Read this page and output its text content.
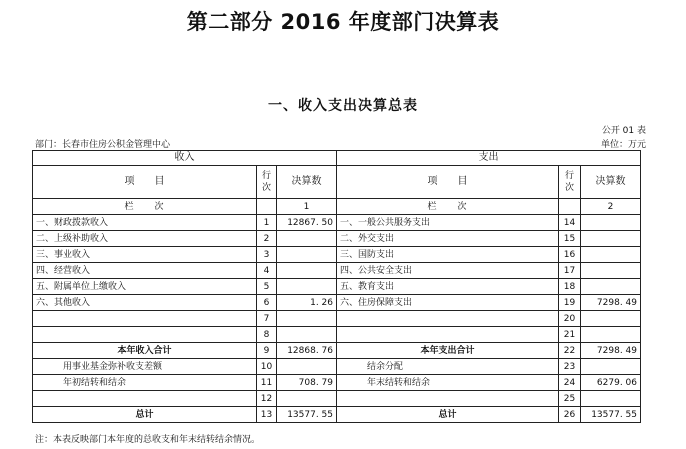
第二部分 2016 年度部门决算表
一、收入支出决算总表
公开 01 表
部门：长春市住房公积金管理中心	单位：万元
收入			支出		
项　　目	行次	决算数	项　　目	行次	决算数
栏　　次		1	栏　　次		2
一、财政拨款收入	1	12867. 50	一、一般公共服务支出	14	
二、上级补助收入	2		二、外交支出	15	
三、事业收入	3		三、国防支出	16	
四、经营收入	4		四、公共安全支出	17	
五、附属单位上缴收入	5		五、教育支出	18	
六、其他收入	6	1. 26	六、住房保障支出	19	7298. 49
	7			20	
	8			21	
本年收入合计	9	12868. 76	本年支出合计	22	7298. 49
用事业基金弥补收支差额	10		结余分配	23	
年初结转和结余	11	708. 79	年末结转和结余	24	6279. 06
	12			25	
总计	13	13577. 55	总计	26	13577. 55
注：本表反映部门本年度的总收支和年末结转结余情况。
